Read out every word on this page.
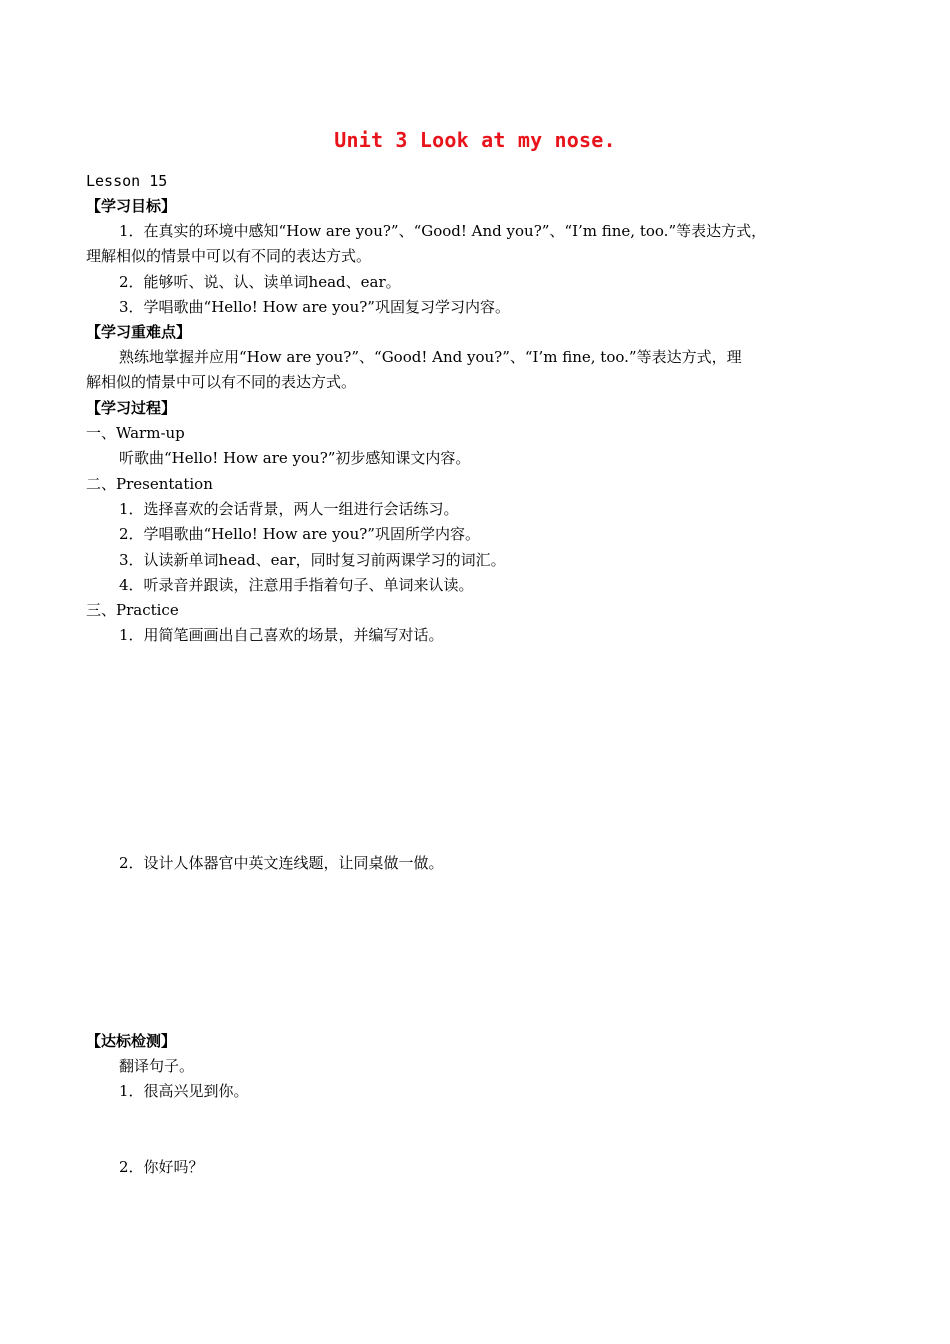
Unit 3 Look at my nose.
Lesson 15
【学习目标】
1．在真实的环境中感知“How are you?”、“Good! And you?”、“I’m fine, too.”等表达方式，
理解相似的情景中可以有不同的表达方式。
2．能够听、说、认、读单词head、ear。
3．学唱歌曲“Hello! How are you?”巩固复习学习内容。
【学习重难点】
熟练地掌握并应用“How are you?”、“Good! And you?”、“I’m fine, too.”等表达方式，理
解相似的情景中可以有不同的表达方式。
【学习过程】
一、Warm-up
听歌曲“Hello! How are you?”初步感知课文内容。
二、Presentation
1．选择喜欢的会话背景，两人一组进行会话练习。
2．学唱歌曲“Hello! How are you?”巩固所学内容。
3．认读新单词head、ear，同时复习前两课学习的词汇。
4．听录音并跟读，注意用手指着句子、单词来认读。
三、Practice
1．用简笔画画出自己喜欢的场景，并编写对话。
2．设计人体器官中英文连线题，让同桌做一做。
【达标检测】
翻译句子。
1．很高兴见到你。
2．你好吗？
